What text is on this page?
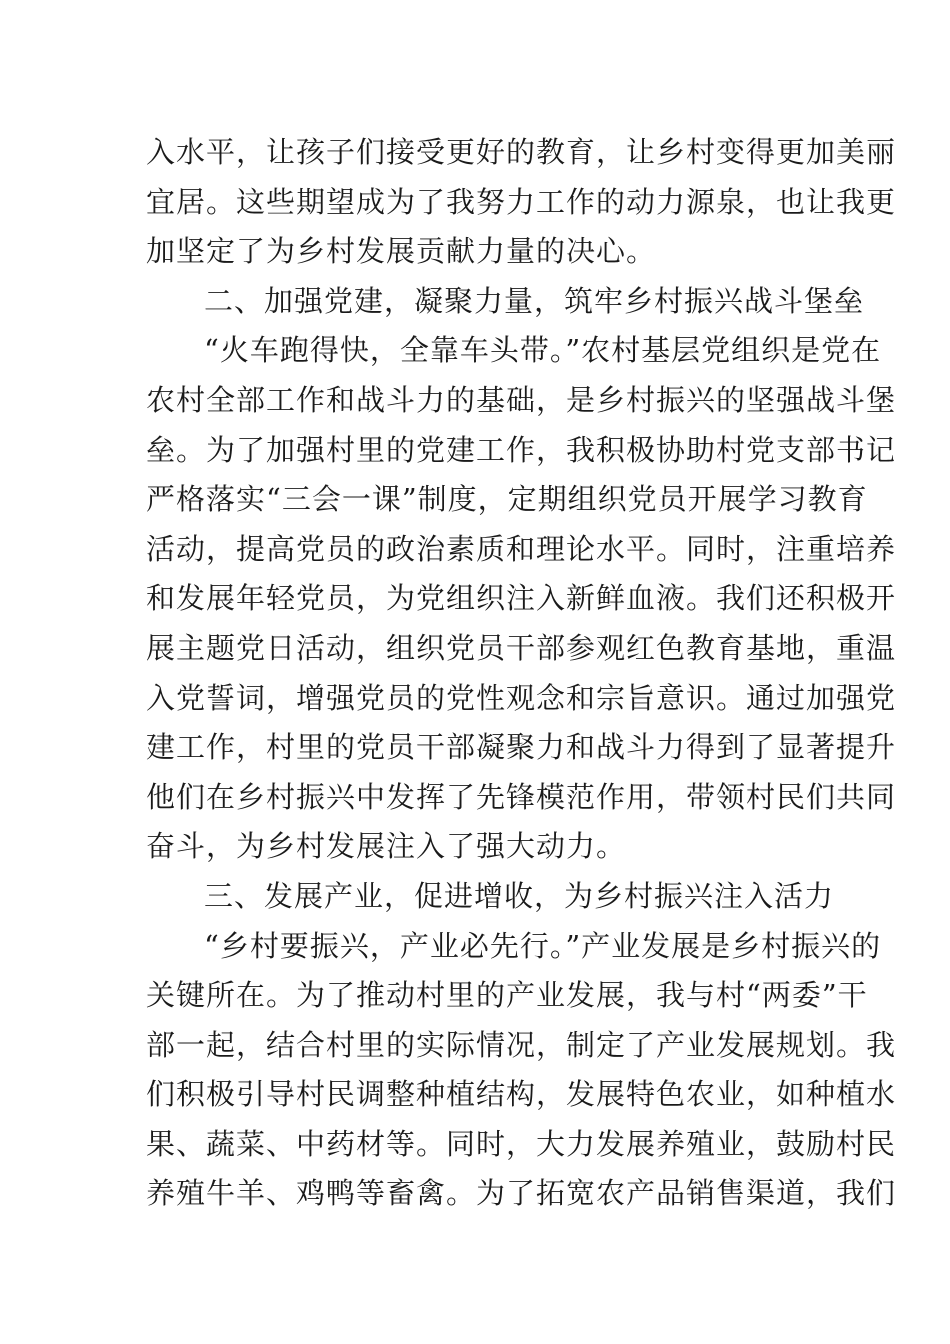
入水平，让孩子们接受更好的教育，让乡村变得更加美丽
宜居。这些期望成为了我努力工作的动力源泉，也让我更
加坚定了为乡村发展贡献力量的决心。
二、加强党建，凝聚力量，筑牢乡村振兴战斗堡垒
“火车跑得快，全靠车头带。”农村基层党组织是党在
农村全部工作和战斗力的基础，是乡村振兴的坚强战斗堡
垒。为了加强村里的党建工作，我积极协助村党支部书记
严格落实“三会一课”制度，定期组织党员开展学习教育
活动，提高党员的政治素质和理论水平。同时，注重培养
和发展年轻党员，为党组织注入新鲜血液。我们还积极开
展主题党日活动，组织党员干部参观红色教育基地，重温
入党誓词，增强党员的党性观念和宗旨意识。通过加强党
建工作，村里的党员干部凝聚力和战斗力得到了显著提升
他们在乡村振兴中发挥了先锋模范作用，带领村民们共同
奋斗，为乡村发展注入了强大动力。
三、发展产业，促进增收，为乡村振兴注入活力
“乡村要振兴，产业必先行。”产业发展是乡村振兴的
关键所在。为了推动村里的产业发展，我与村“两委”干
部一起，结合村里的实际情况，制定了产业发展规划。我
们积极引导村民调整种植结构，发展特色农业，如种植水
果、蔬菜、中药材等。同时，大力发展养殖业，鼓励村民
养殖牛羊、鸡鸭等畜禽。为了拓宽农产品销售渠道，我们
